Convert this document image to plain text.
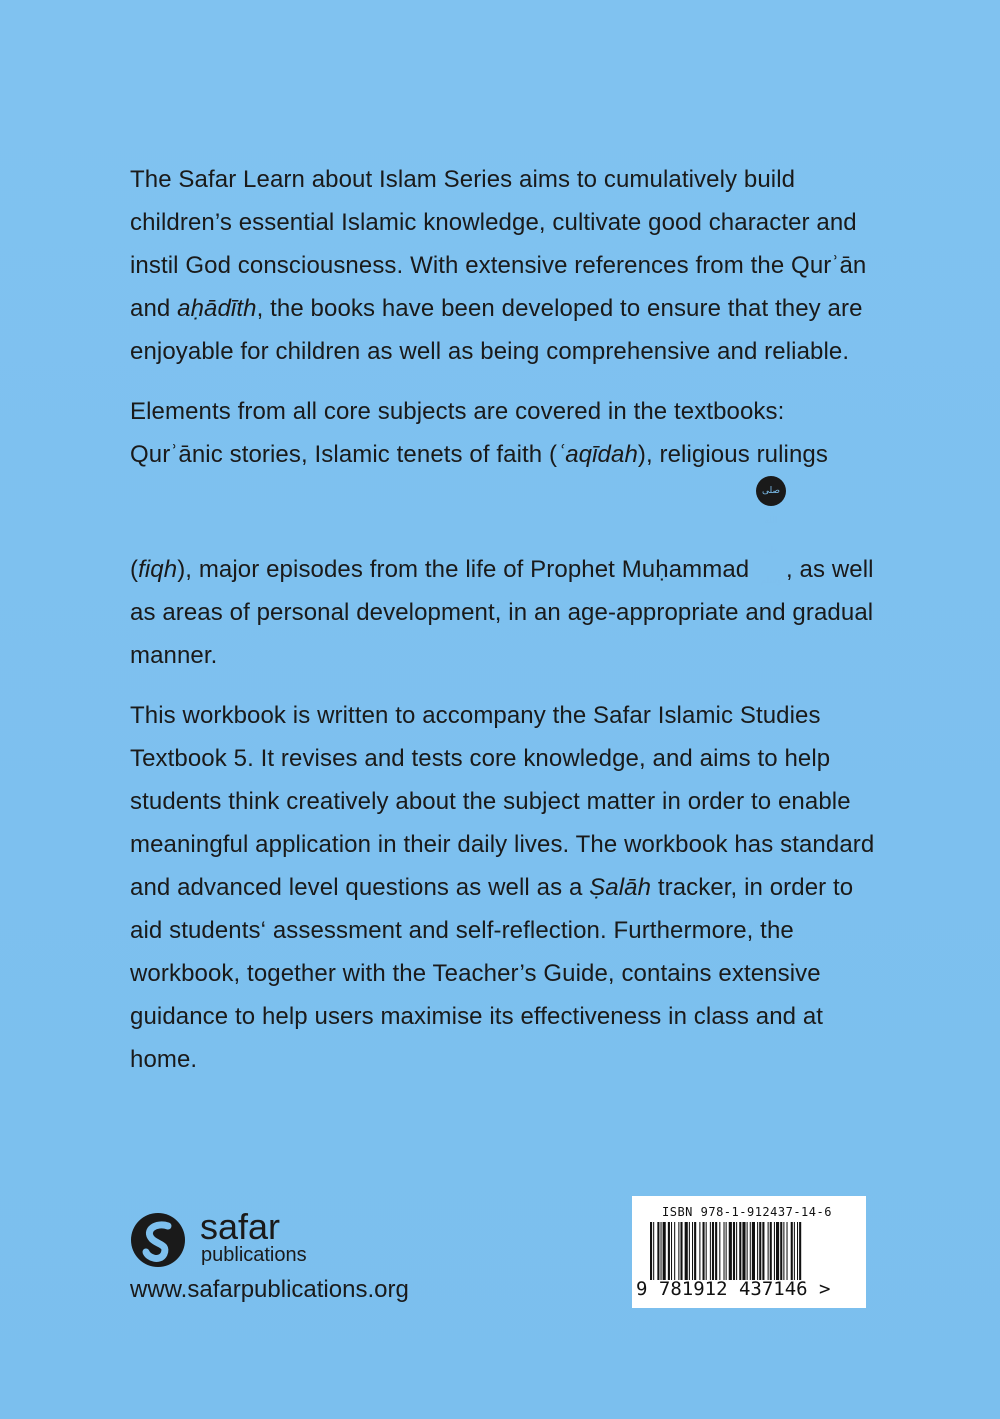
The Safar Learn about Islam Series aims to cumulatively build children’s essential Islamic knowledge, cultivate good character and instil God consciousness. With extensive references from the Qurʾān and aḥādīth, the books have been developed to ensure that they are enjoyable for children as well as being comprehensive and reliable.

Elements from all core subjects are covered in the textbooks: Qurʾānic stories, Islamic tenets of faith (ʿaqīdah), religious rulings (fiqh), major episodes from the life of Prophet Muḥammad صلى الله عليه وسلم , as well as areas of personal development, in an age-appropriate and gradual manner.

This workbook is written to accompany the Safar Islamic Studies Textbook 5. It revises and tests core knowledge, and aims to help students think creatively about the subject matter in order to enable meaningful application in their daily lives. The workbook has standard and advanced level questions as well as a Ṣalāh tracker, in order to aid students‘ assessment and self-reflection. Furthermore, the workbook, together with the Teacher’s Guide, contains extensive guidance to help users maximise its effectiveness in class and at home.

safar
publications
www.safarpublications.org
ISBN 978-1-912437-14-6
9 781912 437146 >
